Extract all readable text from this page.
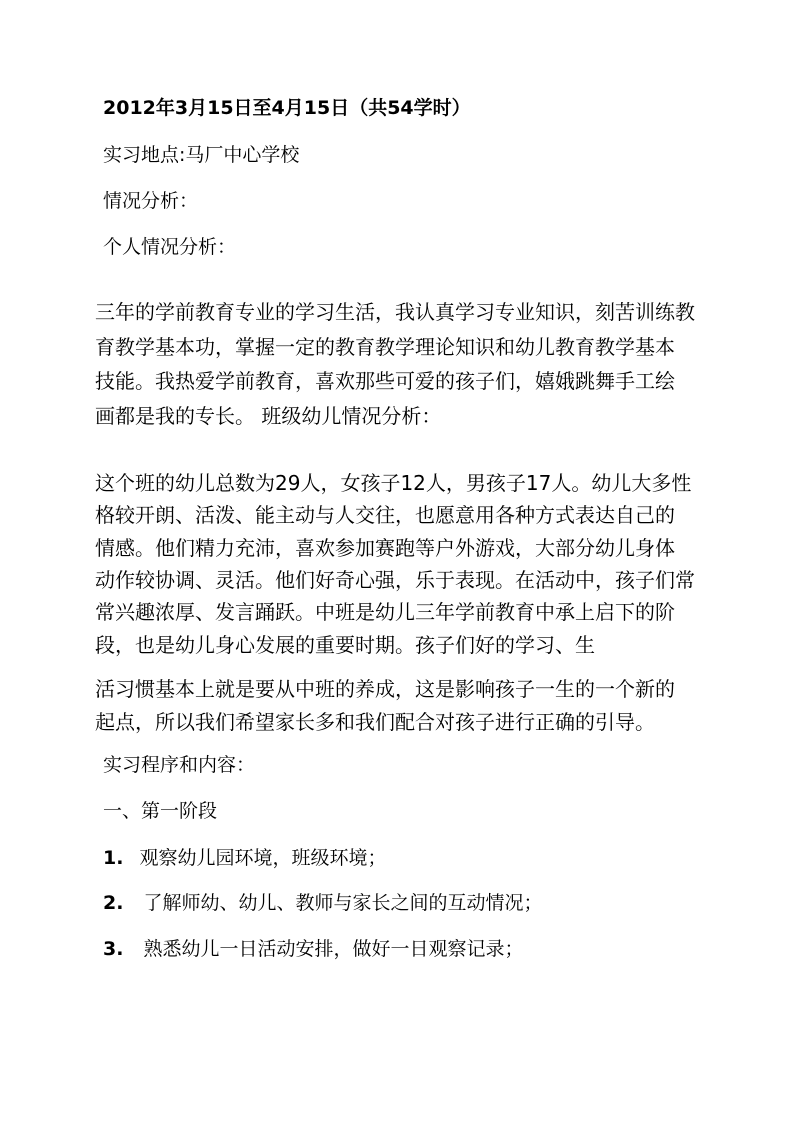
2012年3月15日至4月15日（共54学时）
实习地点:马厂中心学校
情况分析：
个人情况分析：
三年的学前教育专业的学习生活，我认真学习专业知识，刻苦训练教
育教学基本功，掌握一定的教育教学理论知识和幼儿教育教学基本
技能。我热爱学前教育，喜欢那些可爱的孩子们，嬉娥跳舞手工绘
画都是我的专长。 班级幼儿情况分析：
这个班的幼儿总数为29人，女孩子12人，男孩子17人。幼儿大多性
格较开朗、活泼、能主动与人交往，也愿意用各种方式表达自己的
情感。他们精力充沛，喜欢参加赛跑等户外游戏，大部分幼儿身体
动作较协调、灵活。他们好奇心强，乐于表现。在活动中，孩子们常
常兴趣浓厚、发言踊跃。中班是幼儿三年学前教育中承上启下的阶
段，也是幼儿身心发展的重要时期。孩子们好的学习、生
活习惯基本上就是要从中班的养成，这是影响孩子一生的一个新的
起点，所以我们希望家长多和我们配合对孩子进行正确的引导。
实习程序和内容：
一、第一阶段
1. 观察幼儿园环境，班级环境；
2. 了解师幼、幼儿、教师与家长之间的互动情况；
3. 熟悉幼儿一日活动安排，做好一日观察记录；
